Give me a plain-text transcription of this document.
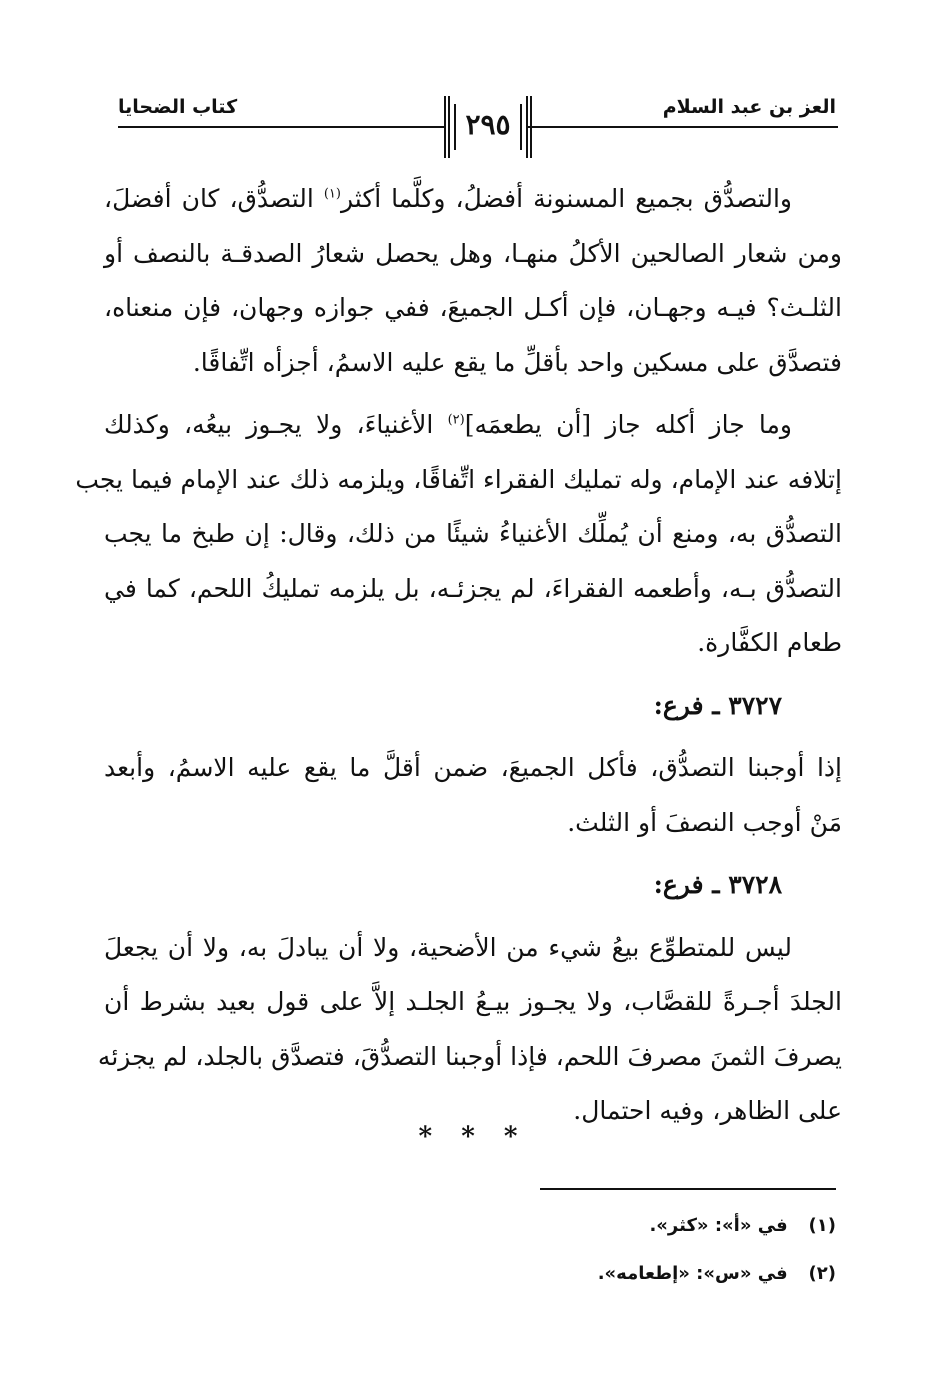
العز بن عبد السلام
٢٩٥
كتاب الضحايا
والتصدُّق بجميع المسنونة أفضلُ، وكلَّما أكثر$^{(١)}$ التصدُّق، كان أفضلَ،
ومن شعار الصالحين الأكلُ منهـا، وهل يحصل شعارُ الصدقـة بالنصف أو
الثلـث؟ فيـه وجهـان، فإن أكـل الجميعَ، ففي جوازه وجهان، فإن منعناه،
فتصدَّق على مسكين واحد بأقلِّ ما يقع عليه الاسمُ، أجزأه اتِّفاقًا.
وما جاز أكله جاز [أن يطعمَه]$^{(٢)}$ الأغنياءَ، ولا يجـوز بيعُه، وكذلك
إتلافه عند الإمام، وله تمليك الفقراء اتِّفاقًا، ويلزمه ذلك عند الإمام فيما يجب
التصدُّق به، ومنع أن يُملِّك الأغنياءُ شيئًا من ذلك، وقال: إن طبخ ما يجب
التصدُّق بـه، وأطعمه الفقراءَ، لم يجزئـه، بل يلزمه تمليكُ اللحم، كما في
طعام الكفَّارة.
٣٧٢٧ ـ فرع:
إذا أوجبنا التصدُّق، فأكل الجميعَ، ضمن أقلَّ ما يقع عليه الاسمُ، وأبعد
مَنْ أوجب النصفَ أو الثلث.
٣٧٢٨ ـ فرع:
ليس للمتطوِّع بيعُ شيء من الأضحية، ولا أن يبادلَ به، ولا أن يجعلَ
الجلدَ أجـرةً للقصَّاب، ولا يجـوز بيـعُ الجلـد إلاَّ على قول بعيد بشرط أن
يصرفَ الثمنَ مصرفَ اللحم، فإذا أوجبنا التصدُّقَ، فتصدَّق بالجلد، لم يجزئه
على الظاهر، وفيه احتمال.
* * *
(١) في «أ»: «كثر».
(٢) في «س»: «إطعامه».
